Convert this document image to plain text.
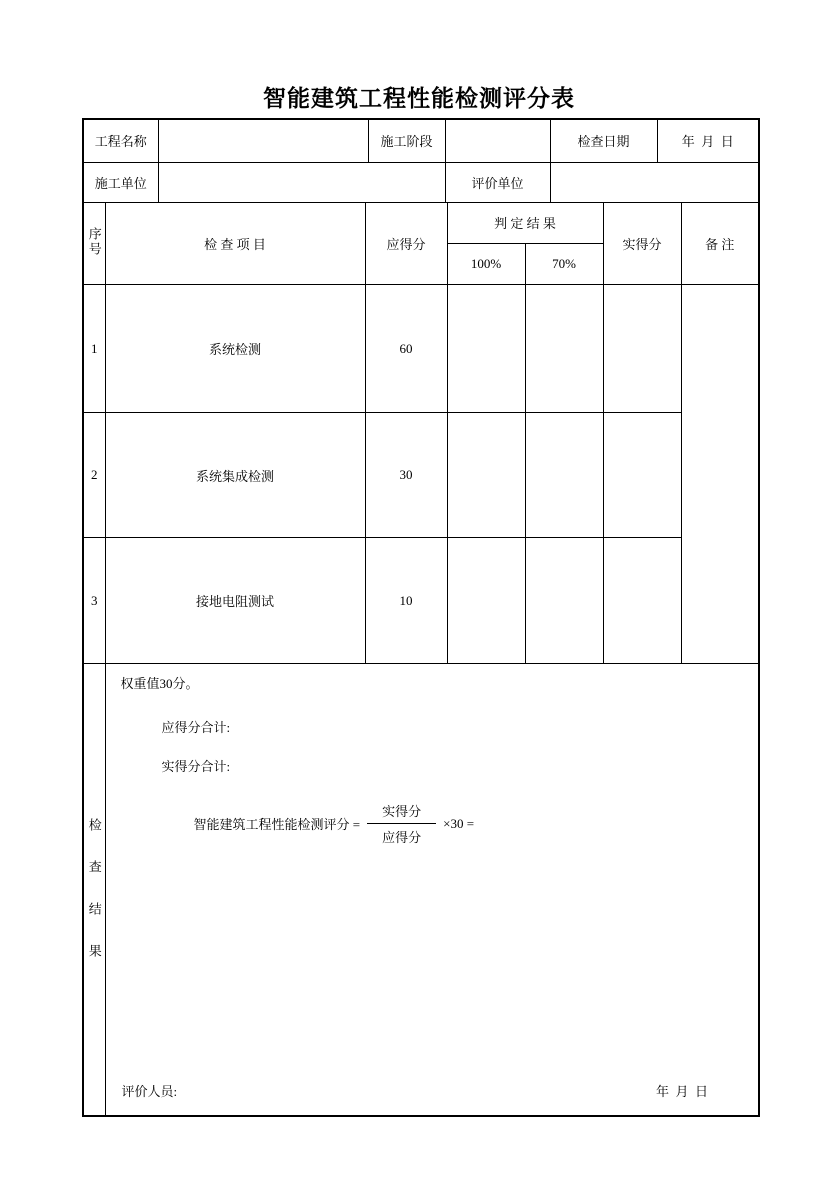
智能建筑工程性能检测评分表
工程名称		施工阶段		检查日期	年  月  日
施工单位			评价单位		
序号	检 查 项 目	应得分	判 定 结 果		实得分	备 注
			100%	70%		
1	系统检测	60				
2	系统集成检测	30				
3	接地电阻测试	10				
检查结果	
权重值30分。
应得分合计:
实得分合计:
智能建筑工程性能检测评分 = $\frac{\text{实得分}}{\text{应得分}} \times 30$ =
评价人员:	年  月  日
